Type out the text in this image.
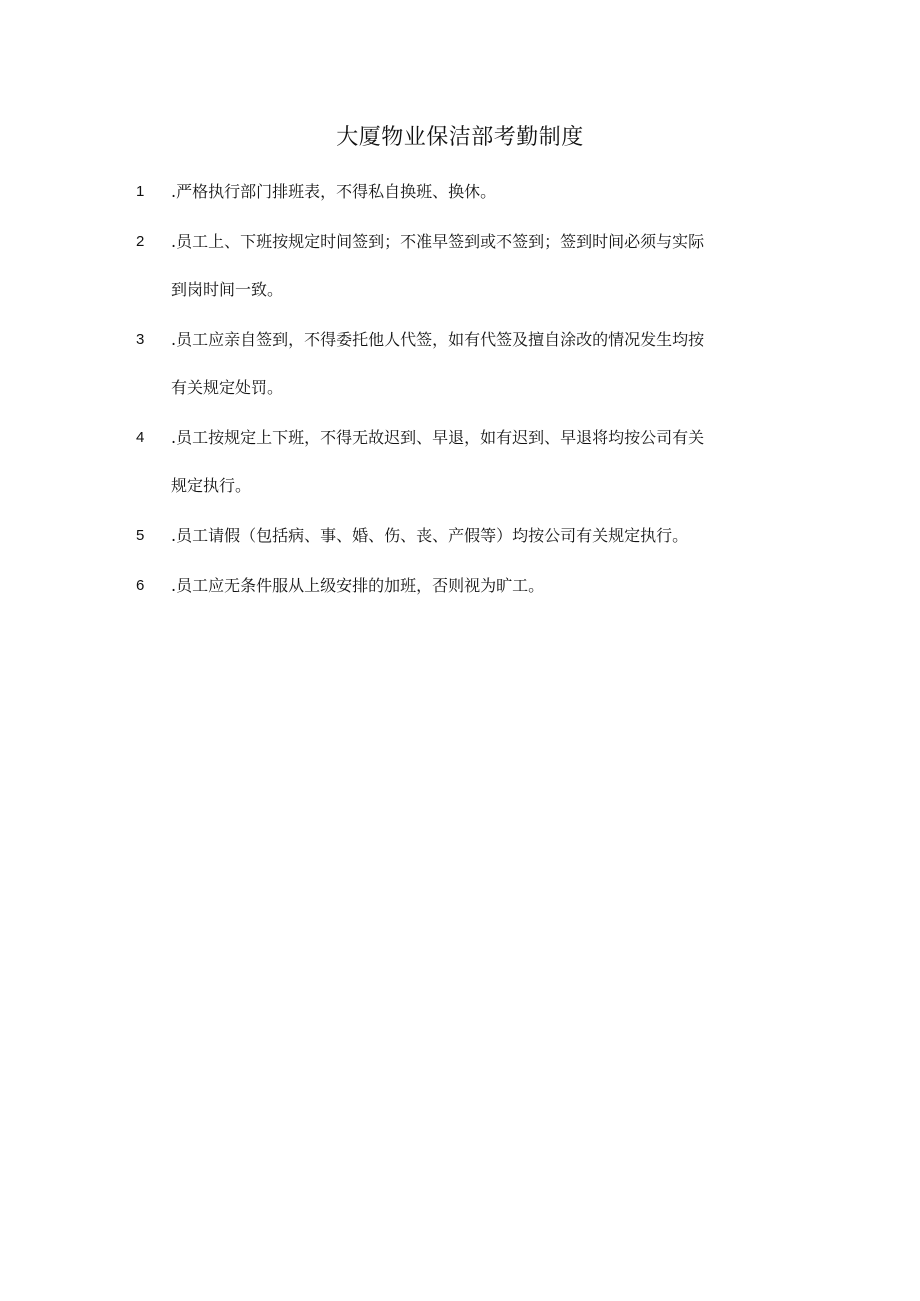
大厦物业保洁部考勤制度
1	.严格执行部门排班表，不得私自换班、换休。
2	.员工上、下班按规定时间签到；不准早签到或不签到；签到时间必须与实际
到岗时间一致。
3	.员工应亲自签到，不得委托他人代签，如有代签及擅自涂改的情况发生均按
有关规定处罚。
4	.员工按规定上下班，不得无故迟到、早退，如有迟到、早退将均按公司有关
规定执行。
5	.员工请假（包括病、事、婚、伤、丧、产假等）均按公司有关规定执行。
6	.员工应无条件服从上级安排的加班，否则视为旷工。
